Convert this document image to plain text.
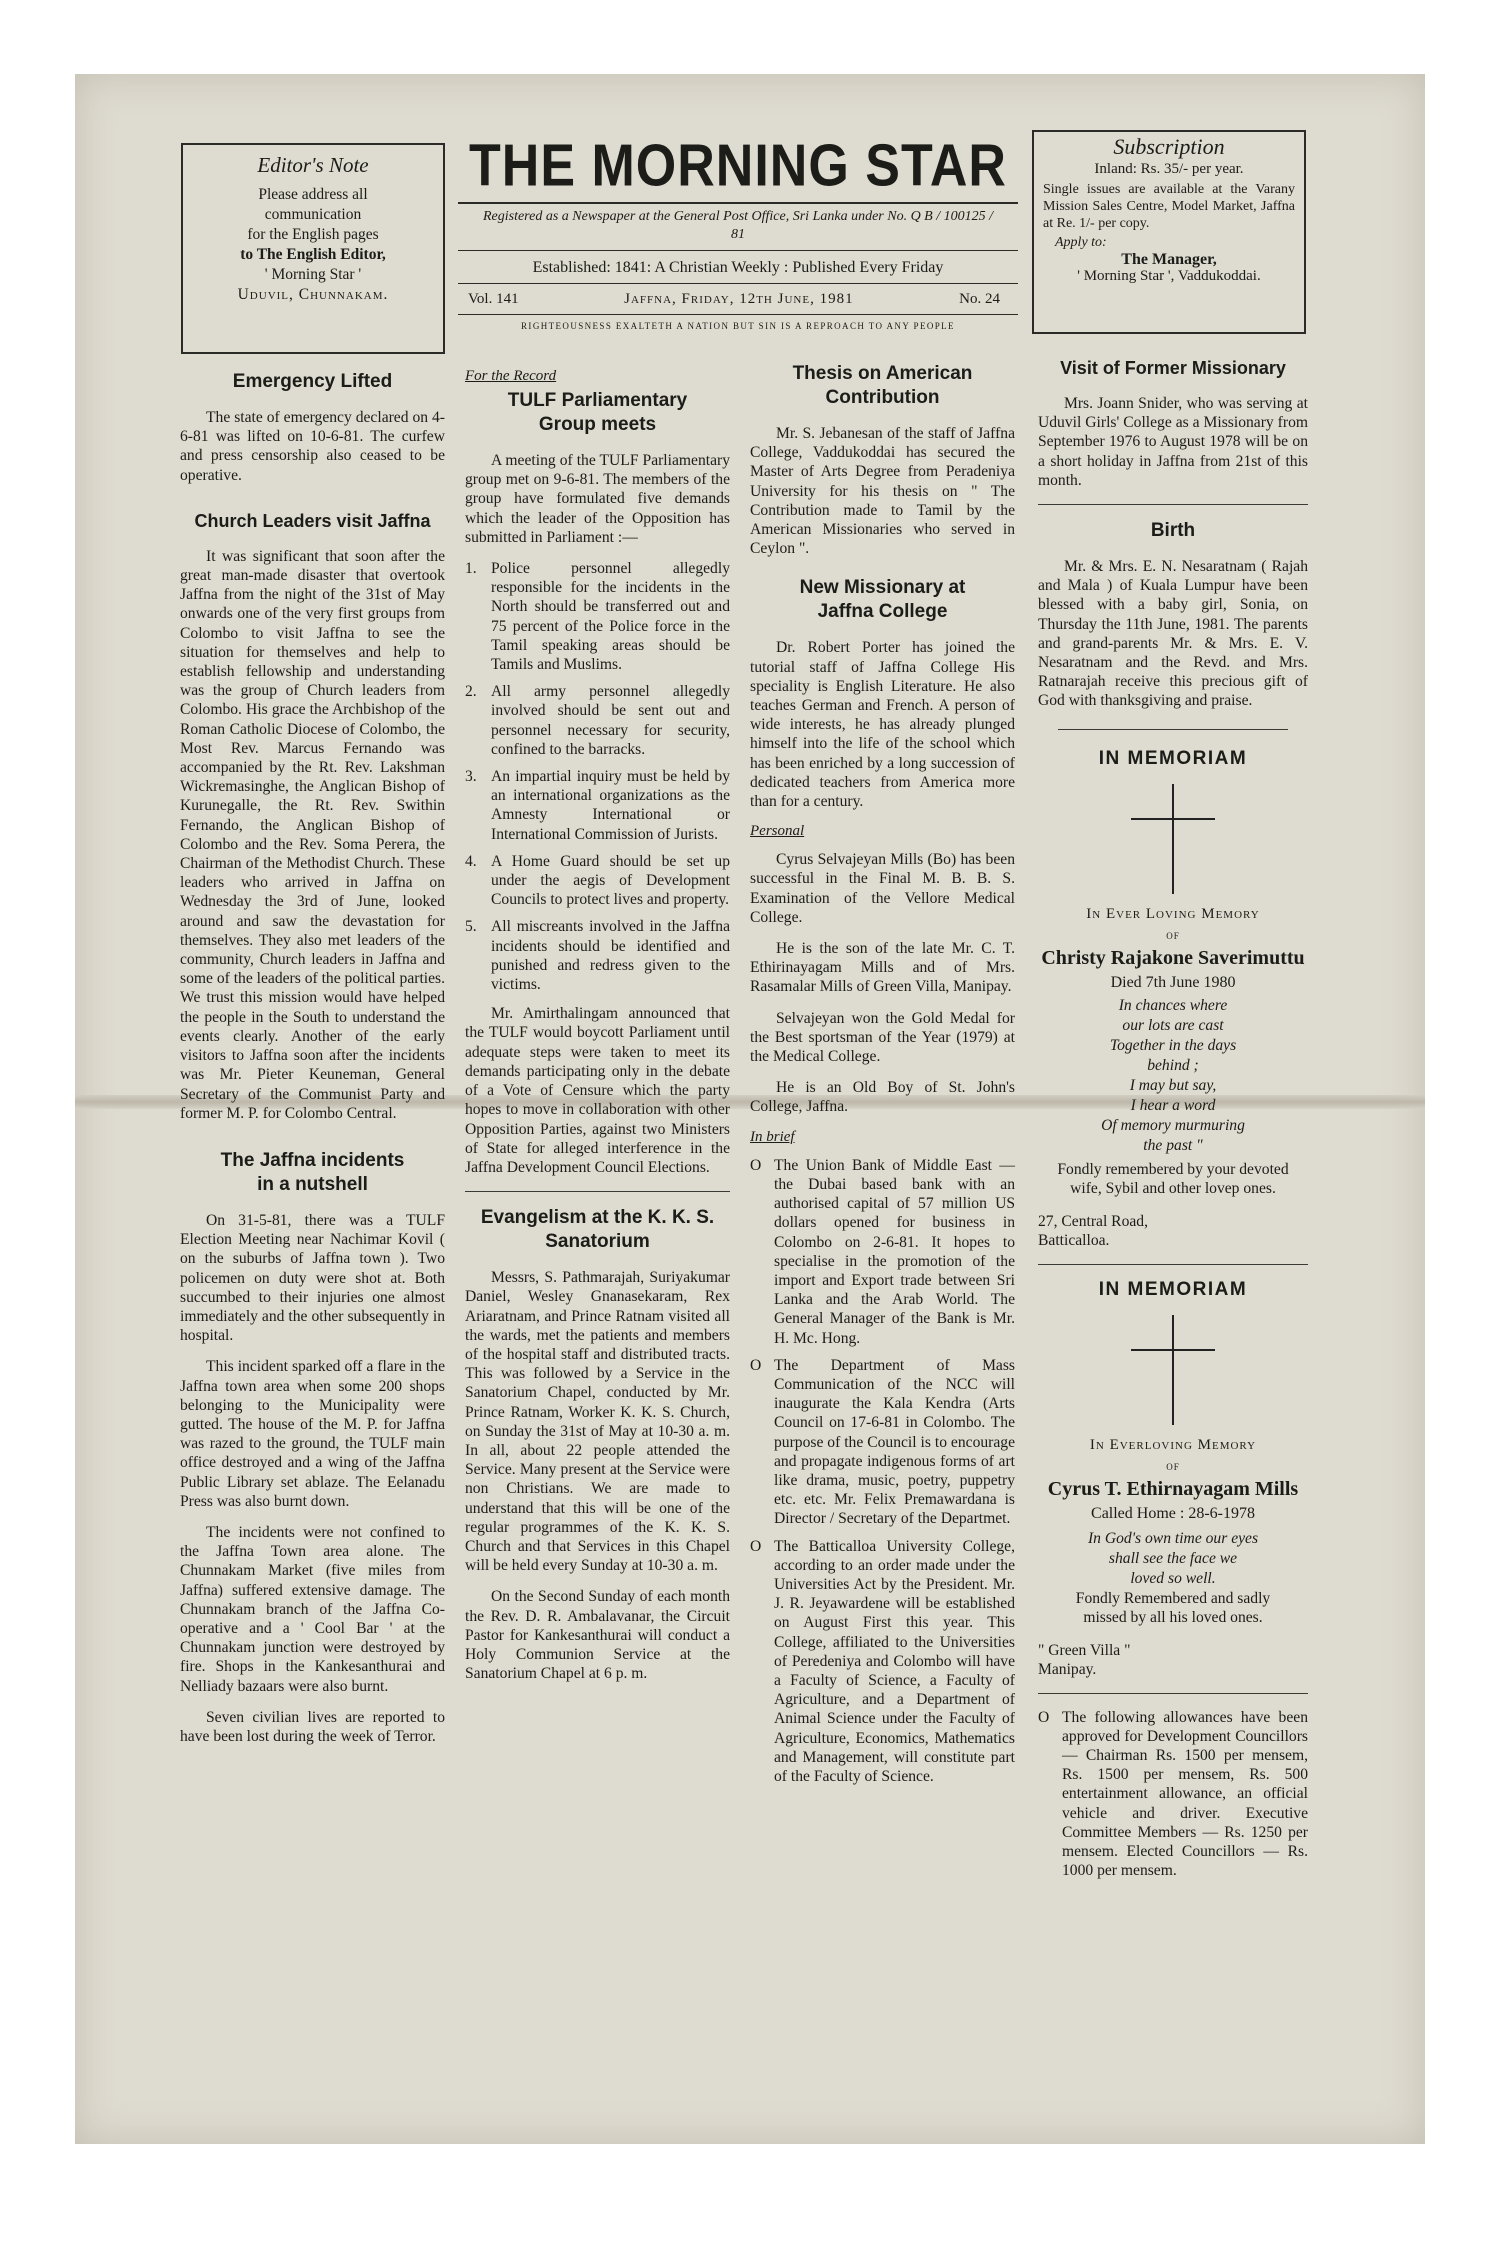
Editor's Note
Please address all
communication
for the English pages
to The English Editor,
' Morning Star '
Uduvil, Chunnakam.
THE MORNING STAR
Registered as a Newspaper at the General Post Office, Sri Lanka under No. Q B / 100125 / 81
Established: 1841: A Christian Weekly : Published Every Friday
Vol. 141	Jaffna, Friday, 12th June, 1981	No. 24
RIGHTEOUSNESS EXALTETH A NATION BUT SIN IS A REPROACH TO ANY PEOPLE
Subscription
Inland: Rs. 35/- per year.
Single issues are available at the Varany Mission Sales Centre, Model Market, Jaffna at Re. 1/- per copy.
Apply to:
The Manager,
' Morning Star ', Vaddukoddai.
Emergency Lifted

The state of emergency declared on 4-6-81 was lifted on 10-6-81. The curfew and press censorship also ceased to be operative.

Church Leaders visit Jaffna

It was significant that soon after the great man-made disaster that overtook Jaffna from the night of the 31st of May onwards one of the very first groups from Colombo to visit Jaffna to see the situation for themselves and help to establish fellowship and understanding was the group of Church leaders from Colombo. His grace the Archbishop of the Roman Catholic Diocese of Colombo, the Most Rev. Marcus Fernando was accompanied by the Rt. Rev. Lakshman Wickremasinghe, the Anglican Bishop of Kurunegalle, the Rt. Rev. Swithin Fernando, the Anglican Bishop of Colombo and the Rev. Soma Perera, the Chairman of the Methodist Church. These leaders who arrived in Jaffna on Wednesday the 3rd of June, looked around and saw the devastation for themselves. They also met leaders of the community, Church leaders in Jaffna and some of the leaders of the political parties. We trust this mission would have helped the people in the South to understand the events clearly. Another of the early visitors to Jaffna soon after the incidents was Mr. Pieter Keuneman, General Secretary of the Communist Party and former M. P. for Colombo Central.

The Jaffna incidents in a nutshell

On 31-5-81, there was a TULF Election Meeting near Nachimar Kovil ( on the suburbs of Jaffna town ). Two policemen on duty were shot at. Both succumbed to their injuries one almost immediately and the other subsequently in hospital.

This incident sparked off a flare in the Jaffna town area when some 200 shops belonging to the Municipality were gutted. The house of the M. P. for Jaffna was razed to the ground, the TULF main office destroyed and a wing of the Jaffna Public Library set ablaze. The Eelanadu Press was also burnt down.

The incidents were not confined to the Jaffna Town area alone. The Chunnakam Market (five miles from Jaffna) suffered extensive damage. The Chunnakam branch of the Jaffna Co-operative and a ' Cool Bar ' at the Chunnakam junction were destroyed by fire. Shops in the Kankesanthurai and Nelliady bazaars were also burnt.

Seven civilian lives are reported to have been lost during the week of Terror.

For the Record
TULF Parliamentary Group meets

A meeting of the TULF Parliamentary group met on 9-6-81. The members of the group have formulated five demands which the leader of the Opposition has submitted in Parliament :—

1. Police personnel allegedly responsible for the incidents in the North should be transferred out and 75 percent of the Police force in the Tamil speaking areas should be Tamils and Muslims.
2. All army personnel allegedly involved should be sent out and personnel necessary for security, confined to the barracks.
3. An impartial inquiry must be held by an international organizations as the Amnesty International or International Commission of Jurists.
4. A Home Guard should be set up under the aegis of Development Councils to protect lives and property.
5. All miscreants involved in the Jaffna incidents should be identified and punished and redress given to the victims.

Mr. Amirthalingam announced that the TULF would boycott Parliament until adequate steps were taken to meet its demands participating only in the debate of a Vote of Censure which the party hopes to move in collaboration with other Opposition Parties, against two Ministers of State for alleged interference in the Jaffna Development Council Elections.

Evangelism at the K. K. S. Sanatorium

Messrs, S. Pathmarajah, Suriyakumar Daniel, Wesley Gnanasekaram, Rex Ariaratnam, and Prince Ratnam visited all the wards, met the patients and members of the hospital staff and distributed tracts. This was followed by a Service in the Sanatorium Chapel, conducted by Mr. Prince Ratnam, Worker K. K. S. Church, on Sunday the 31st of May at 10-30 a. m. In all, about 22 people attended the Service. Many present at the Service were non Christians. We are made to understand that this will be one of the regular programmes of the K. K. S. Church and that Services in this Chapel will be held every Sunday at 10-30 a. m.

On the Second Sunday of each month the Rev. D. R. Ambalavanar, the Circuit Pastor for Kankesanthurai will conduct a Holy Communion Service at the Sanatorium Chapel at 6 p. m.

Thesis on American Contribution

Mr. S. Jebanesan of the staff of Jaffna College, Vaddukoddai has secured the Master of Arts Degree from Peradeniya University for his thesis on " The Contribution made to Tamil by the American Missionaries who served in Ceylon ".

New Missionary at Jaffna College

Dr. Robert Porter has joined the tutorial staff of Jaffna College His speciality is English Literature. He also teaches German and French. A person of wide interests, he has already plunged himself into the life of the school which has been enriched by a long succession of dedicated teachers from America more than for a century.

Personal

Cyrus Selvajeyan Mills (Bo) has been successful in the Final M. B. B. S. Examination of the Vellore Medical College.

He is the son of the late Mr. C. T. Ethirinayagam Mills and of Mrs. Rasamalar Mills of Green Villa, Manipay.

Selvajeyan won the Gold Medal for the Best sportsman of the Year (1979) at the Medical College.

He is an Old Boy of St. John's College, Jaffna.

In brief
O The Union Bank of Middle East — the Dubai based bank with an authorised capital of 57 million US dollars opened for business in Colombo on 2-6-81. It hopes to specialise in the promotion of the import and Export trade between Sri Lanka and the Arab World. The General Manager of the Bank is Mr. H. Mc. Hong.
O The Department of Mass Communication of the NCC will inaugurate the Kala Kendra (Arts Council on 17-6-81 in Colombo. The purpose of the Council is to encourage and propagate indigenous forms of art like drama, music, poetry, puppetry etc. etc. Mr. Felix Premawardana is Director / Secretary of the Departmet.
O The Batticalloa University College, according to an order made under the Universities Act by the President. Mr. J. R. Jeyawardene will be established on August First this year. This College, affiliated to the Universities of Peredeniya and Colombo will have a Faculty of Science, a Faculty of Agriculture, and a Department of Animal Science under the Faculty of Agriculture, Economics, Mathematics and Management, will constitute part of the Faculty of Science.
Visit of Former Missionary

Mrs. Joann Snider, who was serving at Uduvil Girls' College as a Missionary from September 1976 to August 1978 will be on a short holiday in Jaffna from 21st of this month.

Birth

Mr. & Mrs. E. N. Nesaratnam ( Rajah and Mala ) of Kuala Lumpur have been blessed with a baby girl, Sonia, on Thursday the 11th June, 1981. The parents and grand-parents Mr. & Mrs. E. V. Nesaratnam and the Revd. and Mrs. Ratnarajah receive this precious gift of God with thanksgiving and praise.

IN MEMORIAM
In Ever Loving Memory
of
Christy Rajakone Saverimuttu
Died 7th June 1980
In chances where
our lots are cast
Together in the days
behind ;
I may but say,
I hear a word
Of memory murmuring
the past "
Fondly remembered by your devoted wife, Sybil and other lovep ones.
27, Central Road,
Batticalloa.
IN MEMORIAM
In Everloving Memory
of
Cyrus T. Ethirnayagam Mills
Called Home : 28-6-1978
In God's own time our eyes
shall see the face we
loved so well.
Fondly Remembered and sadly missed by all his loved ones.
" Green Villa "
Manipay.
O The following allowances have been approved for Development Councillors — Chairman Rs. 1500 per mensem, Rs. 1500 per mensem, Rs. 500 entertainment allowance, an official vehicle and driver. Executive Committee Members — Rs. 1250 per mensem. Elected Councillors — Rs. 1000 per mensem.
